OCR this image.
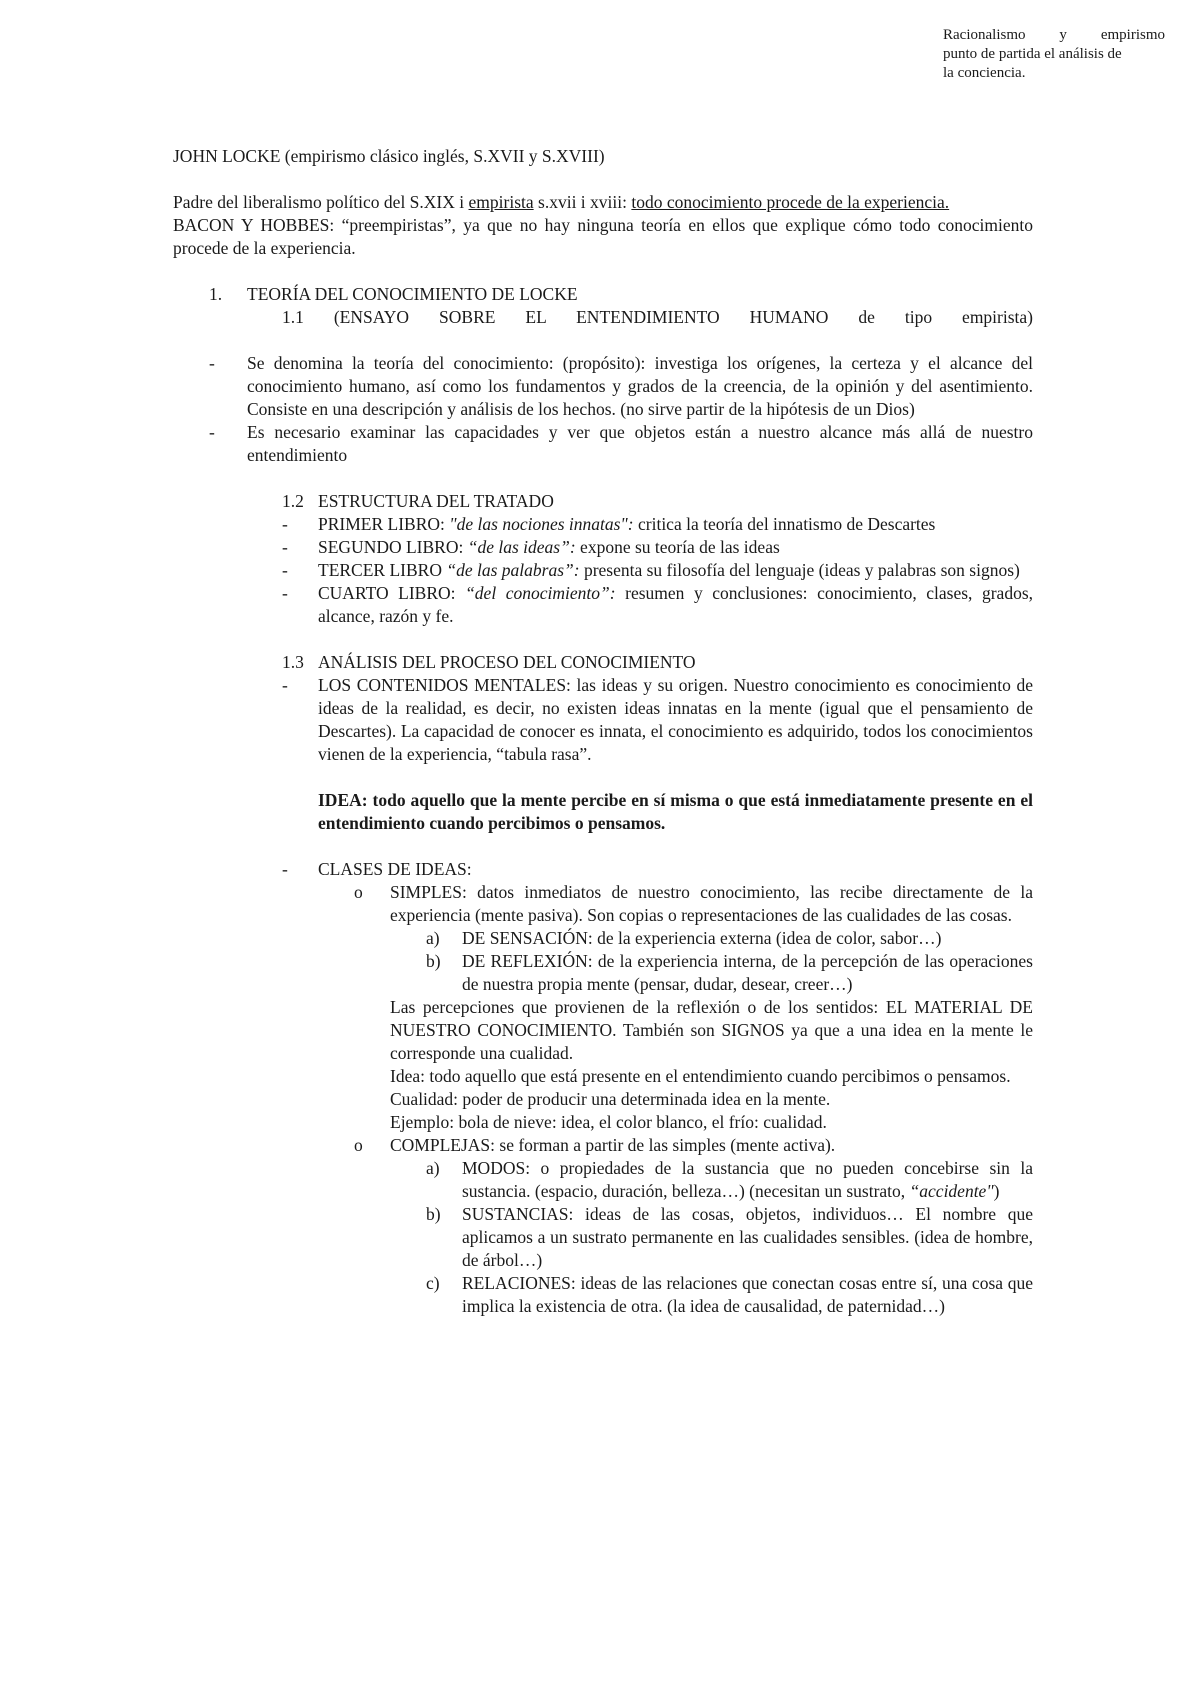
Racionalismo y empirismo
punto de partida el análisis de
la conciencia.
JOHN LOCKE (empirismo clásico inglés, S.XVII y S.XVIII)
Padre del liberalismo político del S.XIX i empirista s.xvii i xviii: todo conocimiento procede de la experiencia.
BACON Y HOBBES: “preempiristas”, ya que no hay ninguna teoría en ellos que explique cómo todo conocimiento procede de la experiencia.
1.	TEORÍA DEL CONOCIMIENTO DE LOCKE
1.1 (ENSAYO SOBRE EL ENTENDIMIENTO HUMANO de tipo empirista)
-	Se denomina la teoría del conocimiento: (propósito): investiga los orígenes, la certeza y el alcance del conocimiento humano, así como los fundamentos y grados de la creencia, de la opinión y del asentimiento. Consiste en una descripción y análisis de los hechos. (no sirve partir de la hipótesis de un Dios)
-	Es necesario examinar las capacidades y ver que objetos están a nuestro alcance más allá de nuestro entendimiento
1.2 ESTRUCTURA DEL TRATADO
-	PRIMER LIBRO: "de las nociones innatas": critica la teoría del innatismo de Descartes
-	SEGUNDO LIBRO: “de las ideas”: expone su teoría de las ideas
-	TERCER LIBRO “de las palabras”: presenta su filosofía del lenguaje (ideas y palabras son signos)
-	CUARTO LIBRO: “del conocimiento”: resumen y conclusiones: conocimiento, clases, grados, alcance, razón y fe.
1.3 ANÁLISIS DEL PROCESO DEL CONOCIMIENTO
-	LOS CONTENIDOS MENTALES: las ideas y su origen. Nuestro conocimiento es conocimiento de ideas de la realidad, es decir, no existen ideas innatas en la mente (igual que el pensamiento de Descartes). La capacidad de conocer es innata, el conocimiento es adquirido, todos los conocimientos vienen de la experiencia, “tabula rasa”.
IDEA: todo aquello que la mente percibe en sí misma o que está inmediatamente presente en el entendimiento cuando percibimos o pensamos.
-	CLASES DE IDEAS:
o	SIMPLES: datos inmediatos de nuestro conocimiento, las recibe directamente de la experiencia (mente pasiva). Son copias o representaciones de las cualidades de las cosas.
a)	DE SENSACIÓN: de la experiencia externa (idea de color, sabor…)
b)	DE REFLEXIÓN: de la experiencia interna, de la percepción de las operaciones de nuestra propia mente (pensar, dudar, desear, creer…)
Las percepciones que provienen de la reflexión o de los sentidos: EL MATERIAL DE NUESTRO CONOCIMIENTO. También son SIGNOS ya que a una idea en la mente le corresponde una cualidad.
Idea: todo aquello que está presente en el entendimiento cuando percibimos o pensamos.
Cualidad: poder de producir una determinada idea en la mente.
Ejemplo: bola de nieve: idea, el color blanco, el frío: cualidad.
o	COMPLEJAS: se forman a partir de las simples (mente activa).
a)	MODOS: o propiedades de la sustancia que no pueden concebirse sin la sustancia. (espacio, duración, belleza…) (necesitan un sustrato, “accidente")
b)	SUSTANCIAS: ideas de las cosas, objetos, individuos… El nombre que aplicamos a un sustrato permanente en las cualidades sensibles. (idea de hombre, de árbol…)
c)	RELACIONES: ideas de las relaciones que conectan cosas entre sí, una cosa que implica la existencia de otra. (la idea de causalidad, de paternidad…)
